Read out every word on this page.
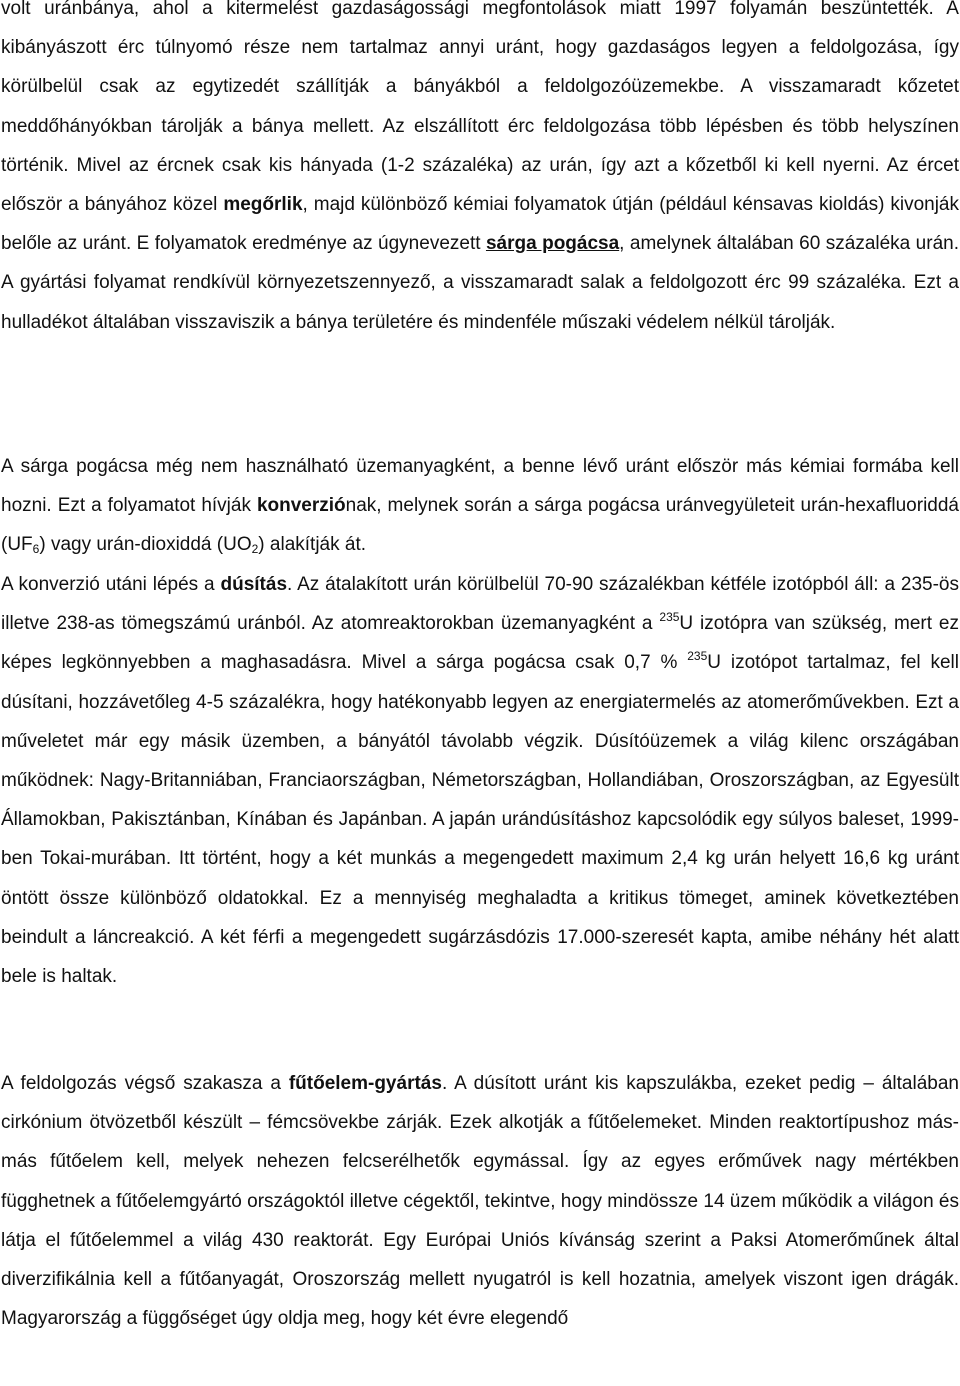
volt uránbánya, ahol a kitermelést gazdaságossági megfontolások miatt 1997 folyamán beszüntették. A kibányászott érc túlnyomó része nem tartalmaz annyi uránt, hogy gazdaságos legyen a feldolgozása, így körülbelül csak az egytizedét szállítják a bányákból a feldolgozóüzemekbe. A visszamaradt kőzetet meddőhányókban tárolják a bánya mellett. Az elszállított érc feldolgozása több lépésben és több helyszínen történik. Mivel az ércnek csak kis hányada (1-2 százaléka) az urán, így azt a kőzetből ki kell nyerni. Az ércet először a bányához közel megőrlik, majd különböző kémiai folyamatok útján (például kénsavas kioldás) kivonják belőle az uránt. E folyamatok eredménye az úgynevezett sárga pogácsa, amelynek általában 60 százaléka urán. A gyártási folyamat rendkívül környezetszennyező, a visszamaradt salak a feldolgozott érc 99 százaléka. Ezt a hulladékot általában visszaviszik a bánya területére és mindenféle műszaki védelem nélkül tárolják.

A sárga pogácsa még nem használható üzemanyagként, a benne lévő uránt először más kémiai formába kell hozni. Ezt a folyamatot hívják konverziónak, melynek során a sárga pogácsa uránvegyületeit urán-hexafluoriddá $(UF_6)$ vagy urán-dioxiddá $(UO_2)$ alakítják át.

A konverzió utáni lépés a dúsítás. Az átalakított urán körülbelül 70-90 százalékban kétféle izotópból áll: a 235-ös illetve 238-as tömegszámú uránból. Az atomreaktorokban üzemanyagként a $^{235}$U izotópra van szükség, mert ez képes legkönnyebben a maghasadásra. Mivel a sárga pogácsa csak 0,7 % $^{235}$U izotópot tartalmaz, fel kell dúsítani, hozzávetőleg 4-5 százalékra, hogy hatékonyabb legyen az energiatermelés az atomerőművekben. Ezt a műveletet már egy másik üzemben, a bányától távolabb végzik. Dúsítóüzemek a világ kilenc országában működnek: Nagy-Britanniában, Franciaországban, Németországban, Hollandiában, Oroszországban, az Egyesült Államokban, Pakisztánban, Kínában és Japánban. A japán urándúsításhoz kapcsolódik egy súlyos baleset, 1999-ben Tokai-murában. Itt történt, hogy a két munkás a megengedett maximum 2,4 kg urán helyett 16,6 kg uránt öntött össze különböző oldatokkal. Ez a mennyiség meghaladta a kritikus tömeget, aminek következtében beindult a láncreakció. A két férfi a megengedett sugárzásdózis 17.000-szeresét kapta, amibe néhány hét alatt bele is haltak.

A feldolgozás végső szakasza a fűtőelem-gyártás. A dúsított uránt kis kapszulákba, ezeket pedig – általában cirkónium ötvözetből készült – fémcsövekbe zárják. Ezek alkotják a fűtőelemeket. Minden reaktortípushoz más-más fűtőelem kell, melyek nehezen felcserélhetők egymással. Így az egyes erőművek nagy mértékben függhetnek a fűtőelemgyártó országoktól illetve cégektől, tekintve, hogy mindössze 14 üzem működik a világon és látja el fűtőelemmel a világ 430 reaktorát. Egy Európai Uniós kívánság szerint a Paksi Atomerőműnek által diverzifikálnia kell a fűtőanyagát, Oroszország mellett nyugatról is kell hozatnia, amelyek viszont igen drágák. Magyarország a függőséget úgy oldja meg, hogy két évre elegendő
